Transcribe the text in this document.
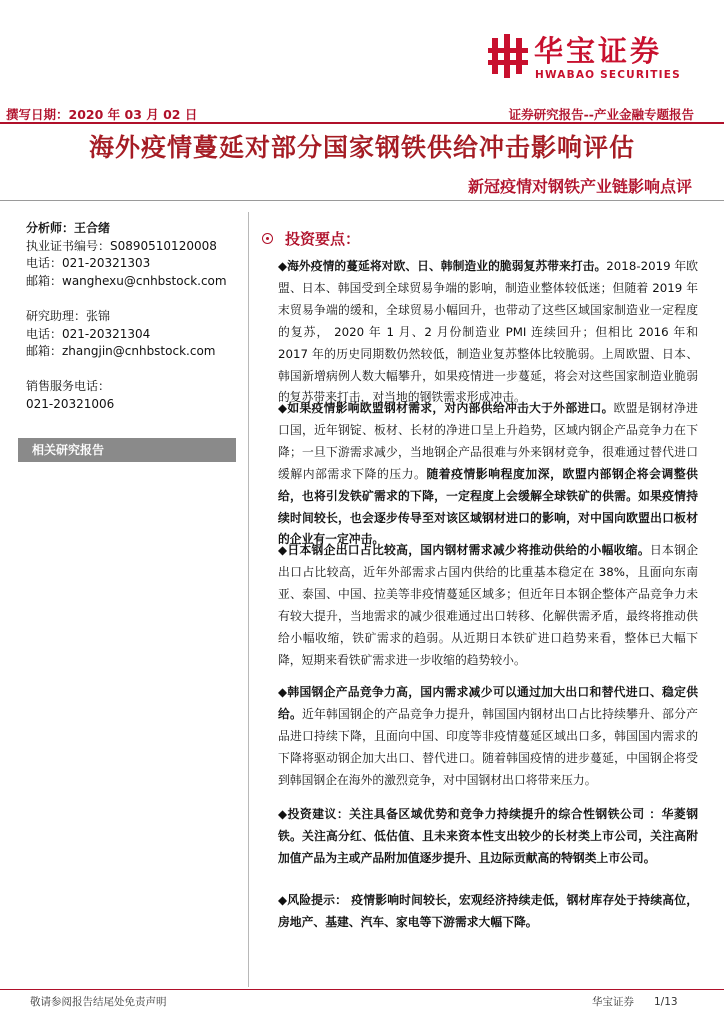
华宝证券
HWABAO SECURITIES
撰写日期：2020 年 03 月 02 日	证券研究报告--产业金融专题报告
海外疫情蔓延对部分国家钢铁供给冲击影响评估
新冠疫情对钢铁产业链影响点评
分析师：王合绪
执业证书编号：S0890510120008
电话：021-20321303
邮箱：wanghexu@cnhbstock.com
研究助理：张锦
电话：021-20321304
邮箱：zhangjin@cnhbstock.com
销售服务电话：
021-20321006
相关研究报告
投资要点：

◆海外疫情的蔓延将对欧、日、韩制造业的脆弱复苏带来打击。2018-2019 年欧盟、日本、韩国受到全球贸易争端的影响，制造业整体较低迷；但随着 2019 年末贸易争端的缓和，全球贸易小幅回升，也带动了这些区域国家制造业一定程度的复苏， 2020 年 1 月、2 月份制造业 PMI 连续回升；但相比 2016 年和 2017 年的历史同期数仍然较低，制造业复苏整体比较脆弱。上周欧盟、日本、韩国新增病例人数大幅攀升，如果疫情进一步蔓延，将会对这些国家制造业脆弱的复苏带来打击，对当地的钢铁需求形成冲击。

◆如果疫情影响欧盟钢材需求，对内部供给冲击大于外部进口。欧盟是钢材净进口国，近年钢锭、板材、长材的净进口呈上升趋势，区域内钢企产品竞争力在下降；一旦下游需求减少，当地钢企产品很难与外来钢材竞争，很难通过替代进口缓解内部需求下降的压力。随着疫情影响程度加深，欧盟内部钢企将会调整供给，也将引发铁矿需求的下降，一定程度上会缓解全球铁矿的供需。如果疫情持续时间较长，也会逐步传导至对该区域钢材进口的影响，对中国向欧盟出口板材的企业有一定冲击。

◆日本钢企出口占比较高，国内钢材需求减少将推动供给的小幅收缩。日本钢企出口占比较高，近年外部需求占国内供给的比重基本稳定在 38%，且面向东南亚、泰国、中国、拉美等非疫情蔓延区域多；但近年日本钢企整体产品竞争力未有较大提升，当地需求的减少很难通过出口转移、化解供需矛盾，最终将推动供给小幅收缩，铁矿需求的趋弱。从近期日本铁矿进口趋势来看，整体已大幅下降，短期来看铁矿需求进一步收缩的趋势较小。

◆韩国钢企产品竞争力高，国内需求减少可以通过加大出口和替代进口、稳定供给。近年韩国钢企的产品竞争力提升，韩国国内钢材出口占比持续攀升、部分产品进口持续下降，且面向中国、印度等非疫情蔓延区域出口多，韩国国内需求的下降将驱动钢企加大出口、替代进口。随着韩国疫情的进步蔓延，中国钢企将受到韩国钢企在海外的激烈竞争，对中国钢材出口将带来压力。

◆投资建议：关注具备区域优势和竞争力持续提升的综合性钢铁公司 ：华菱钢铁。关注高分红、低估值、且未来资本性支出较少的长材类上市公司，关注高附加值产品为主或产品附加值逐步提升、且边际贡献高的特钢类上市公司。

◆风险提示： 疫情影响时间较长，宏观经济持续走低，钢材库存处于持续高位，房地产、基建、汽车、家电等下游需求大幅下降。

敬请参阅报告结尾处免责声明	华宝证券 1/13
